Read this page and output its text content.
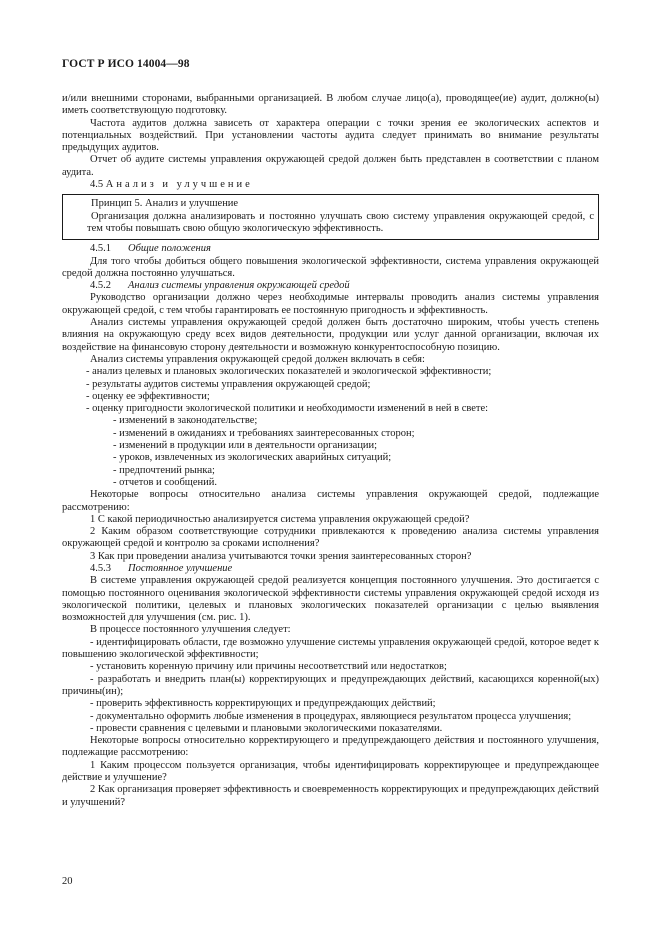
ГОСТ Р ИСО 14004—98

и/или внешними сторонами, выбранными организацией. В любом случае лицо(а), проводящее(ие) аудит, должно(ы) иметь соответствующую подготовку.

Частота аудитов должна зависеть от характера операции с точки зрения ее экологических аспектов и потенциальных воздействий. При установлении частоты аудита следует принимать во внимание результаты предыдущих аудитов.

Отчет об аудите системы управления окружающей средой должен быть представлен в соответствии с планом аудита.

4.5 Анализ и улучшение

Принцип 5. Анализ и улучшение

Организация должна анализировать и постоянно улучшать свою систему управления окружающей средой, с тем чтобы повышать свою общую экологическую эффективность.

4.5.1 Общие положения

Для того чтобы добиться общего повышения экологической эффективности, система управления окружающей средой должна постоянно улучшаться.

4.5.2 Анализ системы управления окружающей средой

Руководство организации должно через необходимые интервалы проводить анализ системы управления окружающей средой, с тем чтобы гарантировать ее постоянную пригодность и эффективность.

Анализ системы управления окружающей средой должен быть достаточно широким, чтобы учесть степень влияния на окружающую среду всех видов деятельности, продукции или услуг данной организации, включая их воздействие на финансовую сторону деятельности и возможную конкурентоспособную позицию.

Анализ системы управления окружающей средой должен включать в себя:

- анализ целевых и плановых экологических показателей и экологической эффективности;

- результаты аудитов системы управления окружающей средой;

- оценку ее эффективности;

- оценку пригодности экологической политики и необходимости изменений в ней в свете:

- изменений в законодательстве;

- изменений в ожиданиях и требованиях заинтересованных сторон;

- изменений в продукции или в деятельности организации;

- уроков, извлеченных из экологических аварийных ситуаций;

- предпочтений рынка;

- отчетов и сообщений.

Некоторые вопросы относительно анализа системы управления окружающей средой, подлежащие рассмотрению:

1 С какой периодичностью анализируется система управления окружающей средой?

2 Каким образом соответствующие сотрудники привлекаются к проведению анализа системы управления окружающей средой и контролю за сроками исполнения?

3 Как при проведении анализа учитываются точки зрения заинтересованных сторон?

4.5.3 Постоянное улучшение

В системе управления окружающей средой реализуется концепция постоянного улучшения. Это достигается с помощью постоянного оценивания экологической эффективности системы управления окружающей средой исходя из экологической политики, целевых и плановых экологических показателей организации с целью выявления возможностей для улучшения (см. рис. 1).

В процессе постоянного улучшения следует:

- идентифицировать области, где возможно улучшение системы управления окружающей средой, которое ведет к повышению экологической эффективности;

- установить коренную причину или причины несоответствий или недостатков;

- разработать и внедрить план(ы) корректирующих и предупреждающих действий, касающихся коренной(ых) причины(ин);

- проверить эффективность корректирующих и предупреждающих действий;

- документально оформить любые изменения в процедурах, являющиеся результатом процесса улучшения;

- провести сравнения с целевыми и плановыми экологическими показателями.

Некоторые вопросы относительно корректирующего и предупреждающего действия и постоянного улучшения, подлежащие рассмотрению:

1 Каким процессом пользуется организация, чтобы идентифицировать корректирующее и предупреждающее действие и улучшение?

2 Как организация проверяет эффективность и своевременность корректирующих и предупреждающих действий и улучшений?

20
